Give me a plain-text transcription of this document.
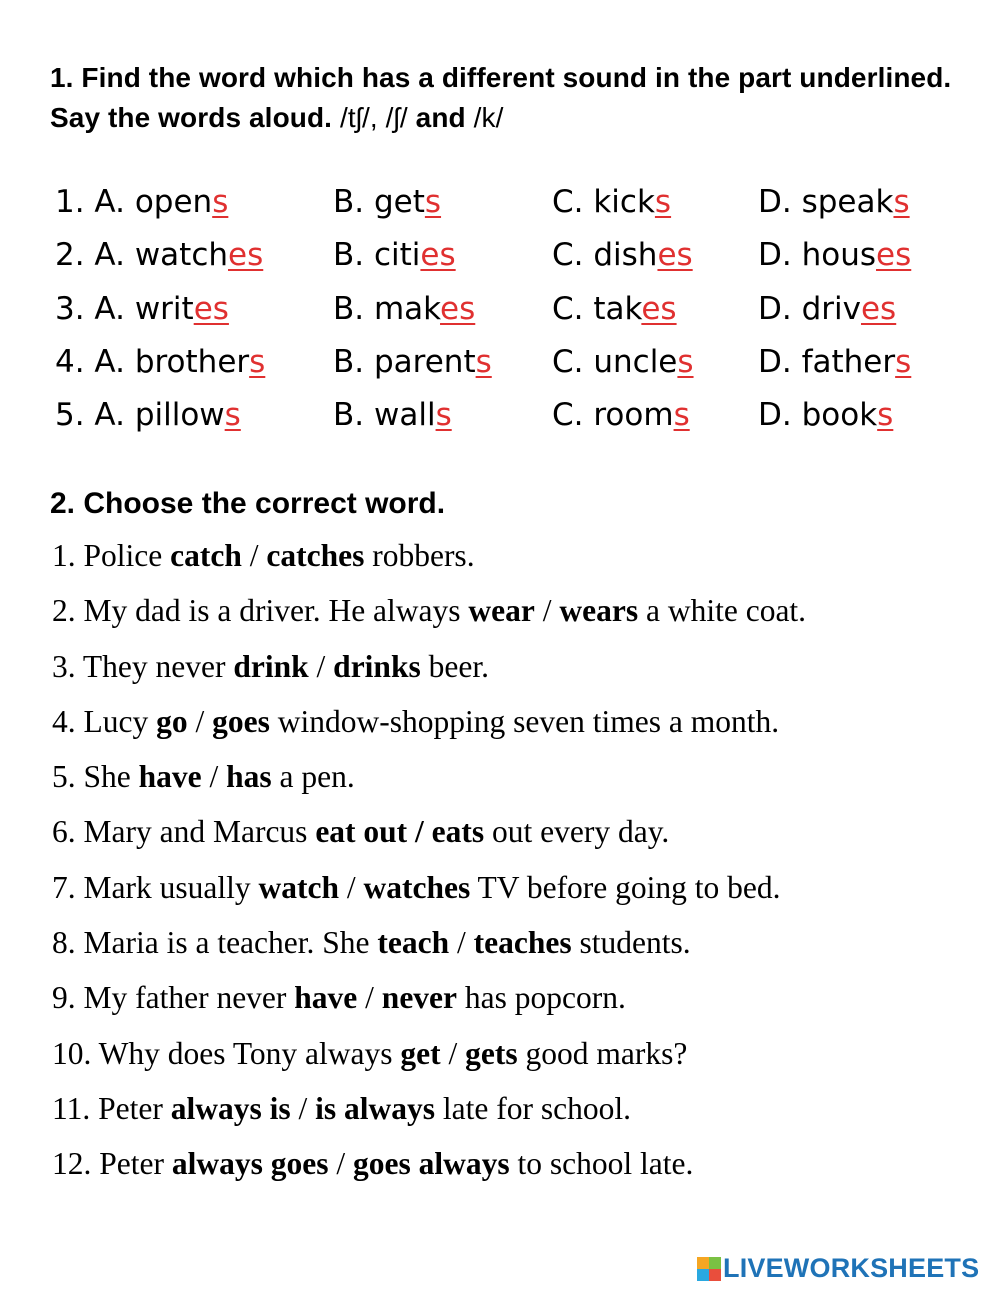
1. Find the word which has a different sound in the part underlined. Say the words aloud. /tʃ/, /ʃ/ and /k/
1. A. opens	B. gets	C. kicks	D. speaks
2. A. watches B. cities	C. dishes D. houses
3. A. writes	B. makes C. takes	D. drives
4. A. brothers B. parents C. uncles D. fathers
5. A. pillows	B. walls	C. rooms D. books
2. Choose the correct word.
1. Police catch / catches robbers.
2. My dad is a driver. He always wear / wears a white coat.
3. They never drink / drinks beer.
4. Lucy go / goes window-shopping seven times a month.
5. She have / has a pen.
6. Mary and Marcus eat out / eats out every day.
7. Mark usually watch / watches TV before going to bed.
8. Maria is a teacher. She teach / teaches students.
9. My father never have / never has popcorn.
10. Why does Tony always get / gets good marks?
11. Peter always is / is always late for school.
12. Peter always goes / goes always to school late.
LIVEWORKSHEETS
